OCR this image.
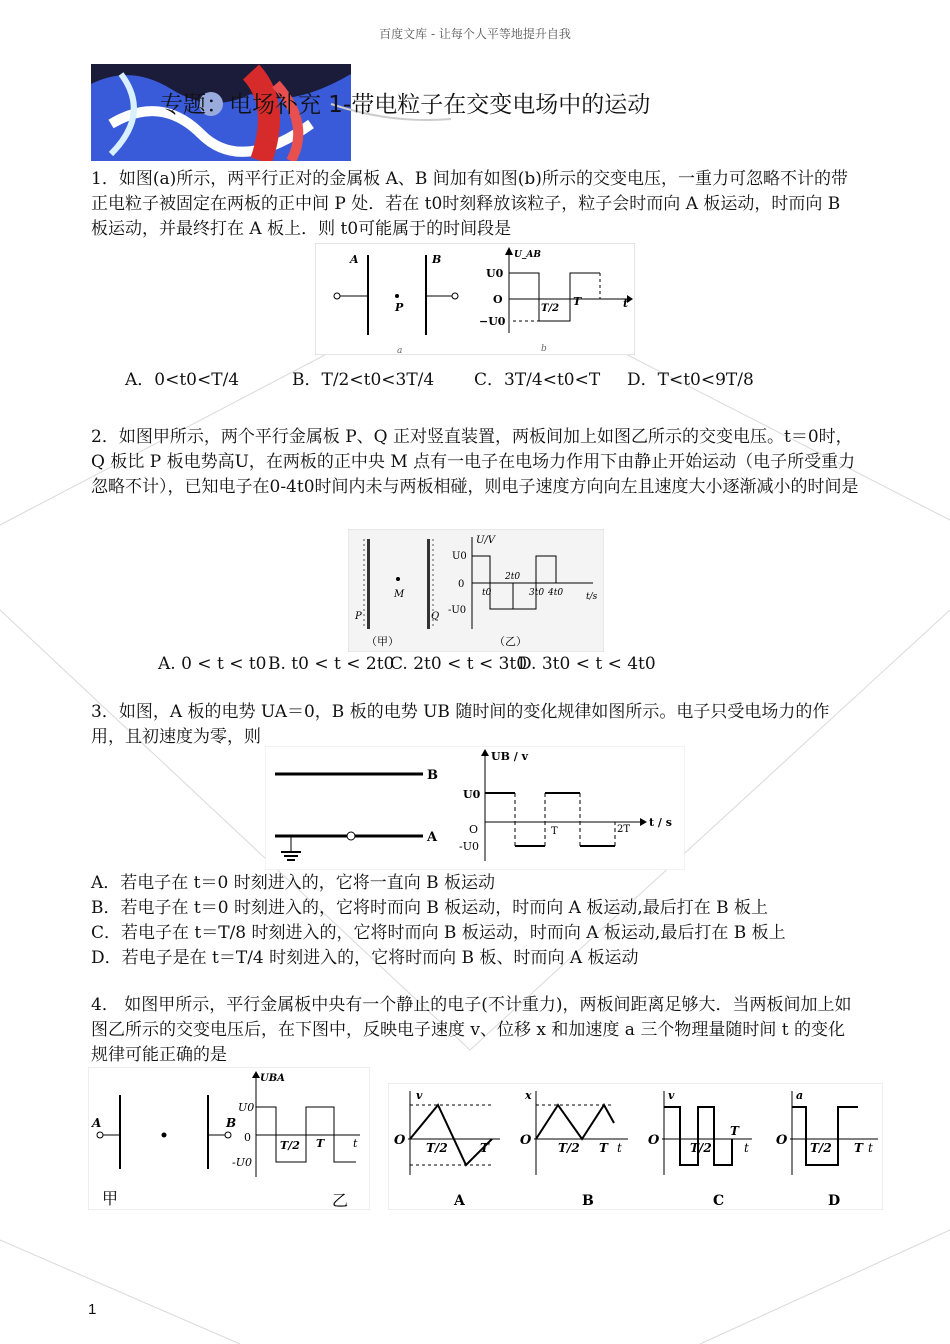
百度文库 - 让每个人平等地提升自我
专题：电场补充 1-带电粒子在交变电场中的运动
1．如图(a)所示，两平行正对的金属板 A、B 间加有如图(b)所示的交变电压，一重力可忽略不计的带正电粒子被固定在两板的正中间 P 处．若在 t0时刻释放该粒子，粒子会时而向 A 板运动，时而向 B 板运动，并最终打在 A 板上．则 t0可能属于的时间段是
A	B
P
a
U_AB
U0
O
−U0
T/2
T	t
b
A．0<t0<T/4	B．T/2<t0<3T/4 C．3T/4<t0<T D．T<t0<9T/8
2．如图甲所示，两个平行金属板 P、Q 正对竖直装置，两板间加上如图乙所示的交变电压。t＝0时，Q 板比 P 板电势高U，在两板的正中央 M 点有一电子在电场力作用下由静止开始运动（电子所受重力忽略不计），已知电子在0-4t0时间内未与两板相碰，则电子速度方向向左且速度大小逐渐减小的时间是
P	Q
M
（甲）
U/V
U0
0
-U0
t0
2t0
3t0 4t0	t/s
（乙）
A. 0 < t < t0 B. t0 < t < 2t0
C. 2t0 < t < 3t0
D. 3t0 < t < 4t0
3．如图，A 板的电势 UA＝0，B 板的电势 UB 随时间的变化规律如图所示。电子只受电场力的作用，且初速度为零，则
B
A
UB / v
U0
O
-U0
T	2T
t / s
A．若电子在 t＝0 时刻进入的，它将一直向 B 板运动
B．若电子在 t＝0 时刻进入的，它将时而向 B 板运动，时而向 A 板运动,最后打在 B 板上
C．若电子在 t＝T/8 时刻进入的，它将时而向 B 板运动，时而向 A 板运动,最后打在 B 板上
D．若电子是在 t＝T/4 时刻进入的，它将时而向 B 板、时而向 A 板运动
4． 如图甲所示，平行金属板中央有一个静止的电子(不计重力)，两板间距离足够大．当两板间加上如图乙所示的交变电压后，在下图中，反映电子速度 v、位移 x 和加速度 a 三个物理量随时间 t 的变化规律可能正确的是
A	B
UBA
U0
0
-U0
T/2 T	t
甲	乙
v
O T/2	T
A
x
O T/2 T t
B
v
O	T/2
T
t
C
a
O T/2 T t
D
1
